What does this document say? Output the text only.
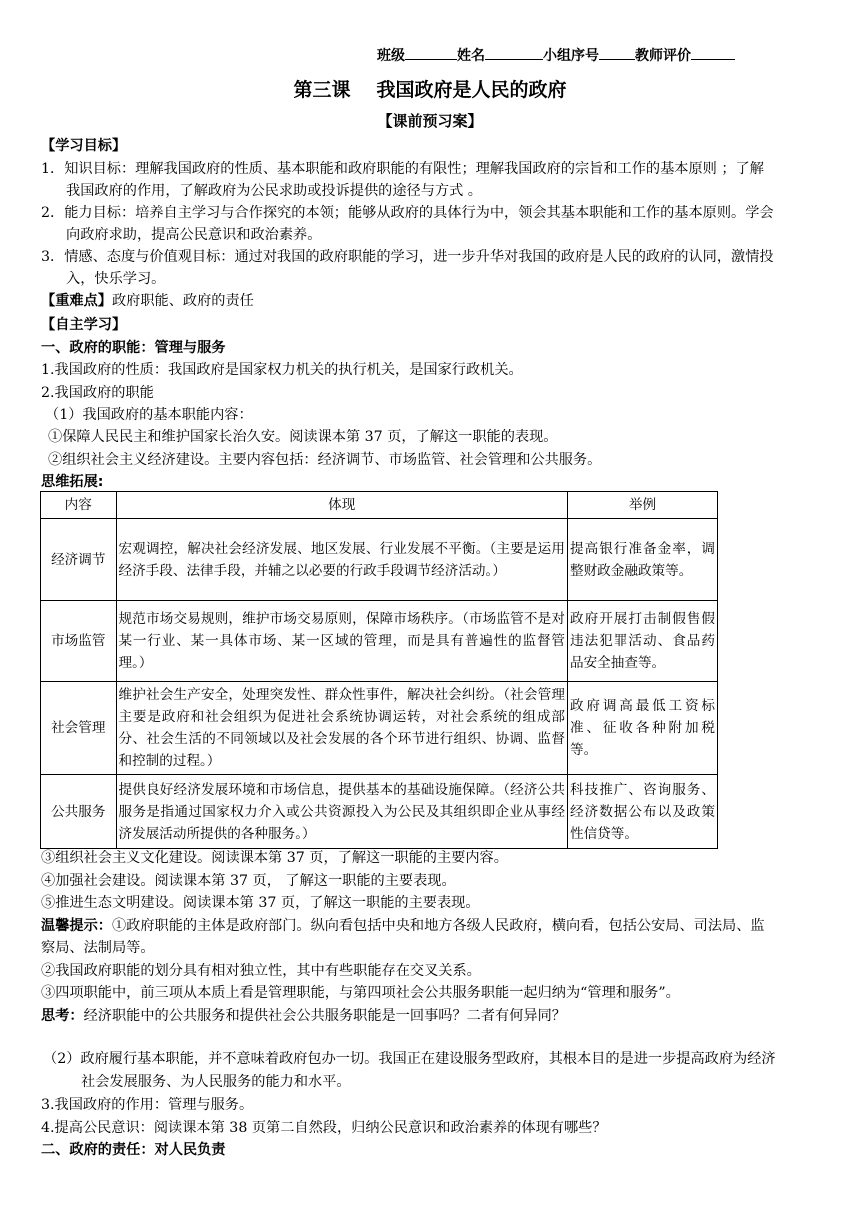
班级	姓名	小组序号	教师评价
第三课 我国政府是人民的政府
【课前预习案】
【学习目标】
1．知识目标：理解我国政府的性质、基本职能和政府职能的有限性；理解我国政府的宗旨和工作的基本原则 ；了解
我国政府的作用，了解政府为公民求助或投诉提供的途径与方式 。
2．能力目标：培养自主学习与合作探究的本领；能够从政府的具体行为中，领会其基本职能和工作的基本原则。学会
向政府求助，提高公民意识和政治素养。
3．情感、态度与价值观目标：通过对我国的政府职能的学习，进一步升华对我国的政府是人民的政府的认同，激情投
入，快乐学习。
【重难点】政府职能、政府的责任
【自主学习】
一、政府的职能：管理与服务
1.我国政府的性质：我国政府是国家权力机关的执行机关，是国家行政机关。
2.我国政府的职能
（1）我国政府的基本职能内容：
①保障人民民主和维护国家长治久安。阅读课本第 37 页，了解这一职能的表现。
②组织社会主义经济建设。主要内容包括：经济调节、市场监管、社会管理和公共服务。
思维拓展:
内容	体现	举例
经济调节	宏观调控，解决社会经济发展、地区发展、行业发展不平衡。（主要是运用经济手段、法律手段，并辅之以必要的行政手段调节经济活动。）	提高银行准备金率，调整财政金融政策等。
市场监管	规范市场交易规则，维护市场交易原则，保障市场秩序。（市场监管不是对某一行业、某一具体市场、某一区域的管理，而是具有普遍性的监督管理。）	政府开展打击制假售假违法犯罪活动、食品药品安全抽查等。
社会管理	维护社会生产安全，处理突发性、群众性事件，解决社会纠纷。（社会管理主要是政府和社会组织为促进社会系统协调运转，对社会系统的组成部分、社会生活的不同领域以及社会发展的各个环节进行组织、协调、监督和控制的过程。）	政府调高最低工资标准、征收各种附加税等。
公共服务	提供良好经济发展环境和市场信息，提供基本的基础设施保障。（经济公共服务是指通过国家权力介入或公共资源投入为公民及其组织即企业从事经济发展活动所提供的各种服务。）	科技推广、咨询服务、经济数据公布以及政策性信贷等。
③组织社会主义文化建设。阅读课本第 37 页，了解这一职能的主要内容。
④加强社会建设。阅读课本第 37 页， 了解这一职能的主要表现。
⑤推进生态文明建设。阅读课本第 37 页，了解这一职能的主要表现。
温馨提示：①政府职能的主体是政府部门。纵向看包括中央和地方各级人民政府，横向看，包括公安局、司法局、监
察局、法制局等。
②我国政府职能的划分具有相对独立性，其中有些职能存在交叉关系。
③四项职能中，前三项从本质上看是管理职能，与第四项社会公共服务职能一起归纳为“管理和服务”。
思考：经济职能中的公共服务和提供社会公共服务职能是一回事吗？二者有何异同？
（2）政府履行基本职能，并不意味着政府包办一切。我国正在建设服务型政府，其根本目的是进一步提高政府为经济
社会发展服务、为人民服务的能力和水平。
3.我国政府的作用：管理与服务。
4.提高公民意识：阅读课本第 38 页第二自然段，归纳公民意识和政治素养的体现有哪些？
二、政府的责任：对人民负责
